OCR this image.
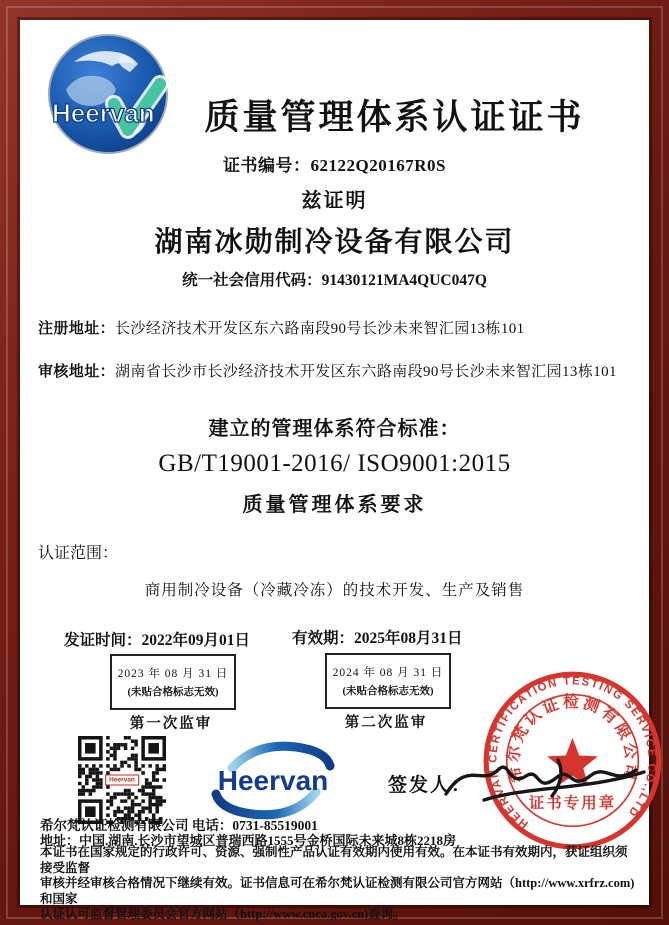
Heervan	质量管理体系认证证书
证书编号：62122Q20167R0S
兹证明
湖南冰勋制冷设备有限公司
统一社会信用代码：91430121MA4QUC047Q
注册地址：长沙经济技术开发区东六路南段90号长沙未来智汇园13栋101
审核地址：湖南省长沙市长沙经济技术开发区东六路南段90号长沙未来智汇园13栋101
建立的管理体系符合标准：
GB/T19001-2016/ ISO9001:2015
质量管理体系要求
认证范围：
商用制冷设备（冷藏冷冻）的技术开发、生产及销售
发证时间：2022年09月01日	有效期：2025年08月31日
2023 年 08 月 31 日
(未贴合格标志无效)
2024 年 08 月 31 日
(未贴合格标志无效)
第一次监审	第二次监审
Heervan	Heervan	签发人：
HEERVAN CERTIFICATION TESTING SERVICE CO.,LTD
希尔梵认证检测有限公司
证书专用章
希尔梵认证检测有限公司 电话：0731-85519001
地址：中国.湖南.长沙市望城区普瑞西路1555号金桥国际未来城8栋2218房
本证书在国家规定的行政许可、资源、强制性产品认证有效期内使用有效。在本证书有效期内，获证组织须接受监督
审核并经审核合格情况下继续有效。证书信息可在希尔梵认证检测有限公司官方网站（http://www.xrfrz.com)和国家
认证认可监督管理委员会官方网站（http://www.cnca.gov.cn)查询。
